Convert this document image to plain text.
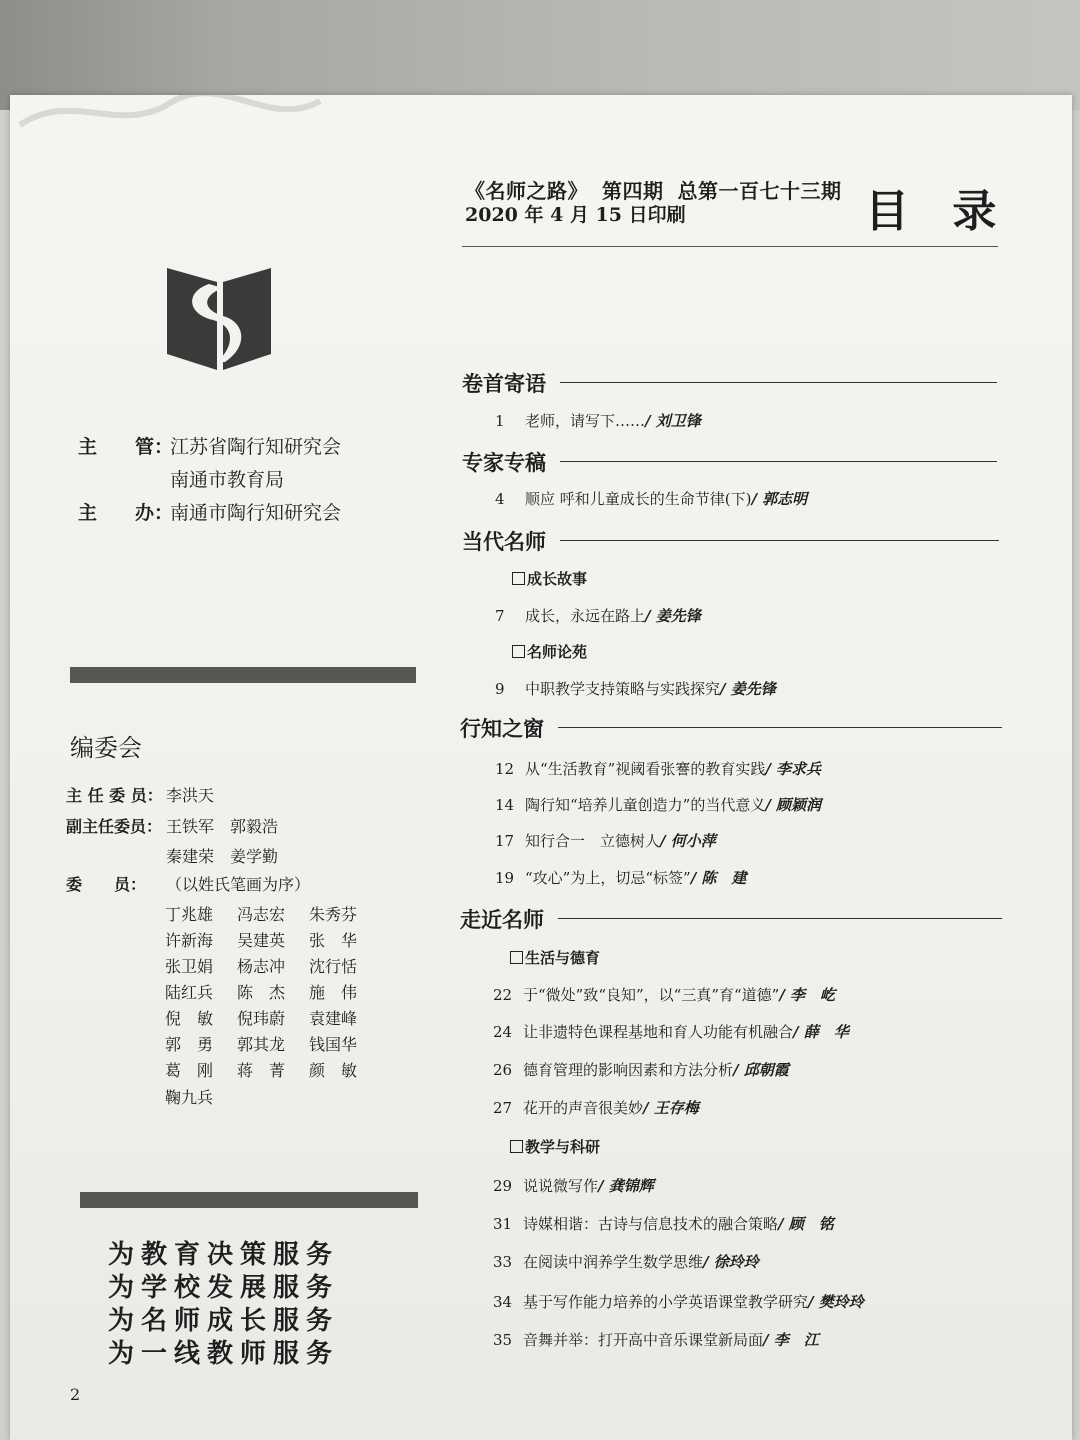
《名师之路》 第四期 总第一百七十三期
2020 年 4 月 15 日印刷	目 录
主　　管：江苏省陶行知研究会
南通市教育局
主　　办：南通市陶行知研究会
编委会
主 任 委 员： 李洪天
副主任委员： 王铁军　郭毅浩
秦建荣　姜学勤
委　　员： （以姓氏笔画为序）
丁兆雄 冯志宏 朱秀芬
许新海 吴建英 张　华
张卫娟 杨志冲 沈行恬
陆红兵 陈　杰 施　伟
倪　敏 倪玮蔚 袁建峰
郭　勇 郭其龙 钱国华
葛　刚 蒋　菁 颜　敏
鞠九兵
为教育决策服务
为学校发展服务
为名师成长服务
为一线教师服务
2
卷首寄语
1 老师，请写下……/ 刘卫锋
专家专稿
4 顺应 呼和儿童成长的生命节律(下)/ 郭志明
当代名师
成长故事
7 成长，永远在路上/ 姜先锋
名师论苑
9 中职教学支持策略与实践探究/ 姜先锋
行知之窗
12 从“生活教育”视阈看张謇的教育实践/ 李求兵
14 陶行知“培养儿童创造力”的当代意义/ 顾颖润
17 知行合一　立德树人/ 何小萍
19 “攻心”为上，切忌“标签”/ 陈　建
走近名师
生活与德育
22 于“微处”致“良知”，以“三真”育“道德”/ 李　屹
24 让非遗特色课程基地和育人功能有机融合/ 薛　华
26 德育管理的影响因素和方法分析/ 邱朝霞
27 花开的声音很美妙/ 王存梅
教学与科研
29 说说微写作/ 龚锦辉
31 诗媒相谐：古诗与信息技术的融合策略/ 顾　铭
33 在阅读中润养学生数学思维/ 徐玲玲
34 基于写作能力培养的小学英语课堂教学研究/ 樊玲玲
35 音舞并举：打开高中音乐课堂新局面/ 李　江
